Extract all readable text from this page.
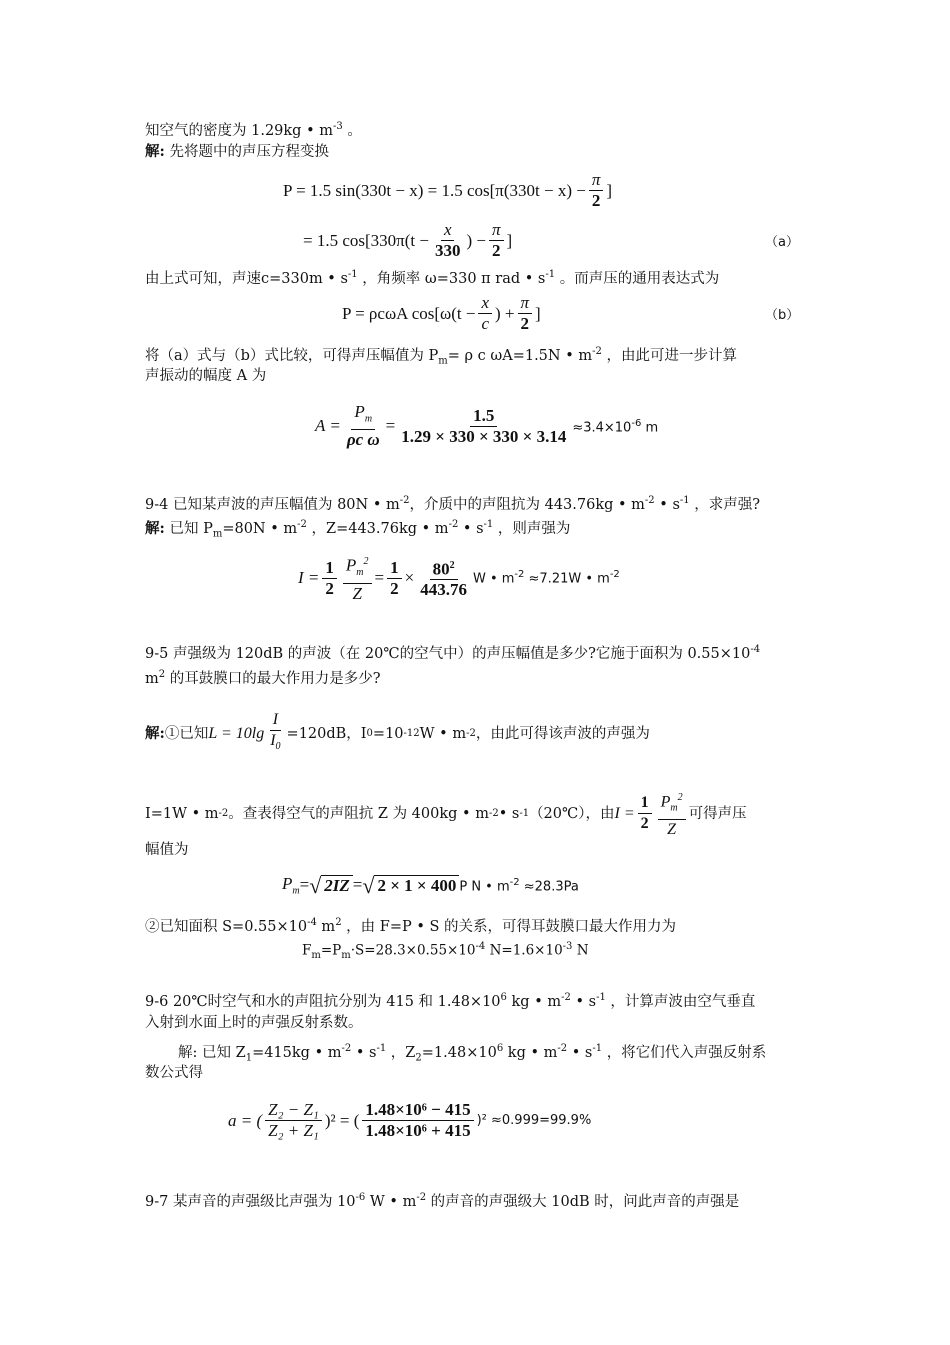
知空气的密度为 1.29kg • $m^{-3}$ 。
解: 先将题中的声压方程变换
P = 1.5 sin(330t − x) = 1.5 $\cos[\pi(330t - x) - \frac{\pi}{2}$ ]
= 1.5 $\cos[330\pi(t - \frac{x}{330}$ ) − $\frac{\pi}{2}$ ]	（a）
由上式可知，声速c=330m • $s^{-1}$ ，角频率 ω=330 π rad • $s^{-1}$ 。而声压的通用表达式为
P = ρcωA $\cos[\omega(t - \frac{x}{c}$ ) + $\frac{\pi}{2}$ ]	（b）
将（a）式与（b）式比较，可得声压幅值为 $P_m= \rho$ c ωA=1.5N • $m^{-2}$ ，由此可进一步计算
声振动的幅度 A 为
$A = \frac{P_m}{\text{ρc ω}} = \frac{1.5}{1.29 \times 330 \times 330 \times 3.14} \approx 3.4\times 10^{-6}$ m
9-4 已知某声波的声压幅值为 80N • $m^{-2}$，介质中的声阻抗为 443.76kg • $m^{-2}$ • $s^{-1}$ ，求声强?
解: 已知 $P_m=80N$ • $m^{-2}$ ，Z=443.76kg • $m^{-2}$ • $s^{-1}$ ，则声强为
$I = \frac{1}{2} \frac{P_m^2}{Z} = \frac{1}{2} \times \frac{80^2}{443.76}$ W • $m^{-2} \approx 7.21W$ • $m^{-2}$
9-5 声强级为 120dB 的声波（在 20℃的空气中）的声压幅值是多少?它施于面积为 $0.55\times 10^{-4}$
$m^2$ 的耳鼓膜口的最大作用力是多少?
解: ①已知 $L = 10\lg \frac{I}{I_0} =120dB$，I 0 =10 -12 W • m -2 ，由此可得该声波的声强为
I=1W • m -2 。查表得空气的声阻抗 Z 为 400kg • m -2 • s -1 （20℃），由 $I = \frac{1}{2} \frac{P_m^2}{Z}$ 可得声压
幅值为
$P_m$ = √ 2IZ = √ 2 × 1 × 400 P N • $m^{-2} \approx 28.3Pa$
②已知面积 $S=0.55\times 10^{-4}$ $m^2$ ，由 F=P • S 的关系，可得耳鼓膜口最大作用力为
$F_m=P_m\cdot S=28.3\times 0.55\times 10^{-4}$ $N=1.6\times 10^{-3}$ N
9-6 20℃时空气和水的声阻抗分别为 415 和 $1.48\times 10^6$ kg • $m^{-2}$ • $s^{-1}$ ，计算声波由空气垂直
入射到水面上时的声强反射系数。
解: 已知 $Z_1=415kg$ • $m^{-2}$ • $s^{-1}$ ，$Z_2=1.48\times 10^6$ kg • $m^{-2}$ • $s^{-1}$ ，将它们代入声强反射系
数公式得
a = ( $\frac{\text{Z₂ − Z₁}}{\text{Z₂ + Z₁}} )^2$ = ( $\frac{\text{1.48×10⁶ − 415}}{\text{1.48×10⁶ + 415}} )^2 \approx 0.999=99.9\%$
9-7 某声音的声强级比声强为 $10^{-6}$ W • $m^{-2}$ 的声音的声强级大 10dB 时，问此声音的声强是
